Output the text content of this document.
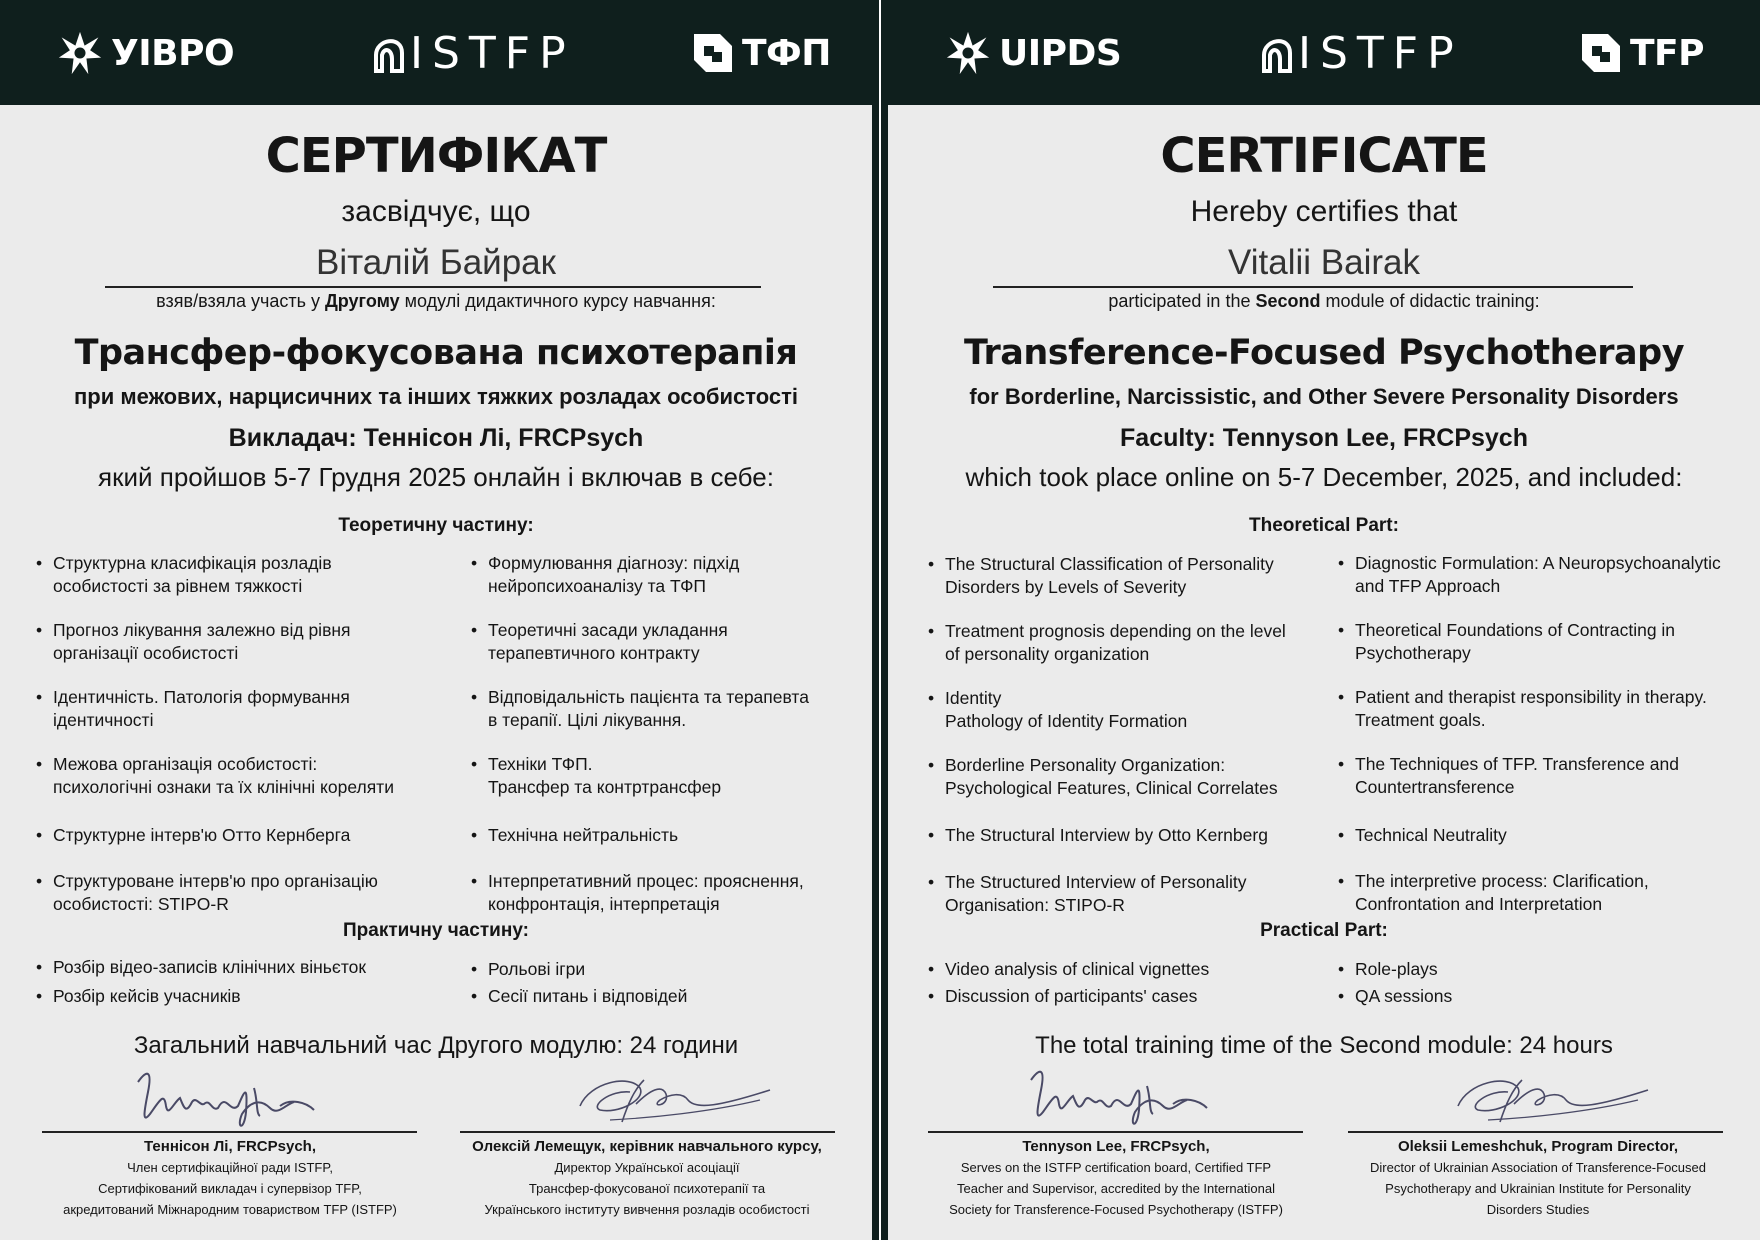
УІВРО	ISTFP	ТФП
СЕРТИФІКАТ
засвідчує, що
Віталій Байрак
взяв/взяла участь у Другому модулі дидактичного курсу навчання:
Трансфер-фокусована психотерапія
при межових, нарцисичних та інших тяжких розладах особистості
Викладач: Теннісон Лі, FRCPsych
який пройшов 5-7 Грудня 2025 онлайн і включав в себе:
Теоретичну частину:
• Структурна класифікація розладів
особистості за рівнем тяжкості
• Прогноз лікування залежно від рівня
організації особистості
• Ідентичність. Патологія формування
ідентичності
• Межова організація особистості:
психологічні ознаки та їх клінічні кореляти
• Структурне інтерв'ю Отто Кернберга
• Структуроване інтерв'ю про організацію
особистості: STIPO-R
• Формулювання діагнозу: підхід
нейропсихоаналізу та ТФП
• Теоретичні засади укладання
терапевтичного контракту
• Відповідальність пацієнта та терапевта
в терапії. Цілі лікування.
• Техніки ТФП.
Трансфер та контртрансфер
• Технічна нейтральність
• Інтерпретативний процес: прояснення,
конфронтація, інтерпретація
Практичну частину:
• Розбір відео-записів клінічних віньєток
• Розбір кейсів учасників
• Рольові ігри
• Сесії питань і відповідей
Загальний навчальний час Другого модулю: 24 години
Теннісон Лі, FRCPsych,
Член сертифікаційної ради ISTFP,
Сертифікований викладач і супервізор TFP,
акредитований Міжнародним товариством TFP (ISTFP)
Олексій Лемещук, керівник навчального курсу,
Директор Української асоціації
Трансфер-фокусованої психотерапії та
Українського інституту вивчення розладів особистості
UIPDS	ISTFP	TFP
CERTIFICATE
Hereby certifies that
Vitalii Bairak
participated in the Second module of didactic training:
Transference-Focused Psychotherapy
for Borderline, Narcissistic, and Other Severe Personality Disorders
Faculty: Tennyson Lee, FRCPsych
which took place online on 5-7 December, 2025, and included:
Theoretical Part:
• The Structural Classification of Personality
Disorders by Levels of Severity
• Treatment prognosis depending on the level
of personality organization
• Identity
Pathology of Identity Formation
• Borderline Personality Organization:
Psychological Features, Clinical Correlates
• The Structural Interview by Otto Kernberg
• The Structured Interview of Personality
Organisation: STIPO-R
• Diagnostic Formulation: A Neuropsychoanalytic
and TFP Approach
• Theoretical Foundations of Contracting in
Psychotherapy
• Patient and therapist responsibility in therapy.
Treatment goals.
• The Techniques of TFP. Transference and
Countertransference
• Technical Neutrality
• The interpretive process: Clarification,
Confrontation and Interpretation
Practical Part:
• Video analysis of clinical vignettes
• Discussion of participants' cases
• Role-plays
• QA sessions
The total training time of the Second module: 24 hours
Tennyson Lee, FRCPsych,
Serves on the ISTFP certification board, Certified TFP
Teacher and Supervisor, accredited by the International
Society for Transference-Focused Psychotherapy (ISTFP)
Oleksii Lemeshchuk, Program Director,
Director of Ukrainian Association of Transference-Focused
Psychotherapy and Ukrainian Institute for Personality
Disorders Studies
